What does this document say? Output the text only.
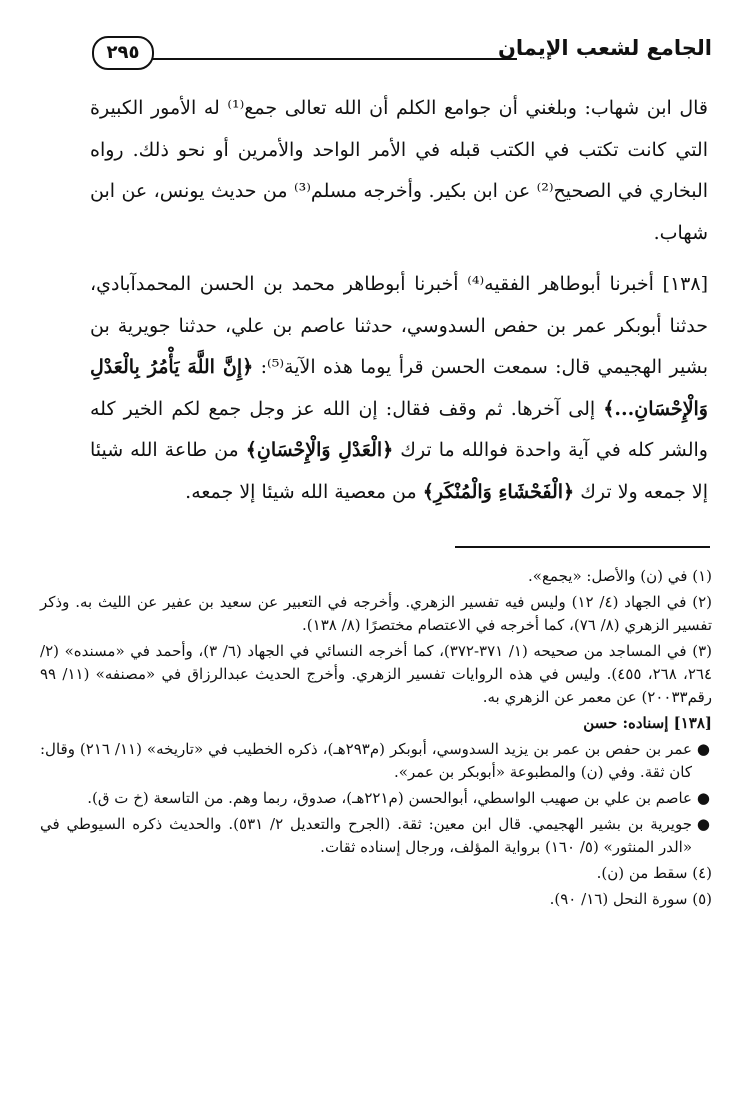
الجامع لشعب الإيمان
٢٩٥

قال ابن شهاب: وبلغني أن جوامع الكلم أن الله تعالى جمع⁽¹⁾ له الأمور الكبيرة التي كانت تكتب في الكتب قبله في الأمر الواحد والأمرين أو نحو ذلك. رواه البخاري في الصحيح⁽²⁾ عن ابن بكير. وأخرجه مسلم⁽³⁾ من حديث يونس، عن ابن شهاب.

[١٣٨] أخبرنا أبوطاهر الفقيه⁽⁴⁾ أخبرنا أبوطاهر محمد بن الحسن المحمدآبادي، حدثنا أبوبكر عمر بن حفص السدوسي، حدثنا عاصم بن علي، حدثنا جويرية بن بشير الهجيمي قال: سمعت الحسن قرأ يوما هذه الآية⁽⁵⁾: ﴿إِنَّ اللَّهَ يَأْمُرُ بِالْعَدْلِ وَالْإِحْسَانِ...﴾ إلى آخرها. ثم وقف فقال: إن الله عز وجل جمع لكم الخير كله والشر كله في آية واحدة فوالله ما ترك ﴿الْعَدْلِ وَالْإِحْسَانِ﴾ من طاعة الله شيئا إلا جمعه ولا ترك ﴿الْفَحْشَاءِ وَالْمُنْكَرِ﴾ من معصية الله شيئا إلا جمعه.

(١) في (ن) والأصل: «يجمع».

(٢) في الجهاد (٤/ ١٢) وليس فيه تفسير الزهري. وأخرجه في التعبير عن سعيد بن عفير عن الليث به. وذكر تفسير الزهري (٨/ ٧٦)، كما أخرجه في الاعتصام مختصرًا (٨/ ١٣٨).

(٣) في المساجد من صحيحه (١/ ٣٧١-٣٧٢)، كما أخرجه النسائي في الجهاد (٦/ ٣)، وأحمد في «مسنده» (٢/ ٢٦٤، ٢٦٨، ٤٥٥). وليس في هذه الروايات تفسير الزهري. وأخرج الحديث عبدالرزاق في «مصنفه» (١١/ ٩٩ رقم٢٠٠٣٣) عن معمر عن الزهري به.

[١٣٨] إسناده: حسن

●
عمر بن حفص بن عمر بن يزيد السدوسي، أبوبكر (م٢٩٣هـ)، ذكره الخطيب في «تاريخه» (١١/ ٢١٦) وقال: كان ثقة. وفي (ن) والمطبوعة «أبوبكر بن عمر».
●
عاصم بن علي بن صهيب الواسطي، أبوالحسن (م٢٢١هـ)، صدوق، ربما وهم. من التاسعة (خ ت ق).
●
جويرية بن بشير الهجيمي. قال ابن معين: ثقة. (الجرح والتعديل ٢/ ٥٣١). والحديث ذكره السيوطي في «الدر المنثور» (٥/ ١٦٠) برواية المؤلف، ورجال إسناده ثقات.

(٤) سقط من (ن).

(٥) سورة النحل (١٦/ ٩٠).
